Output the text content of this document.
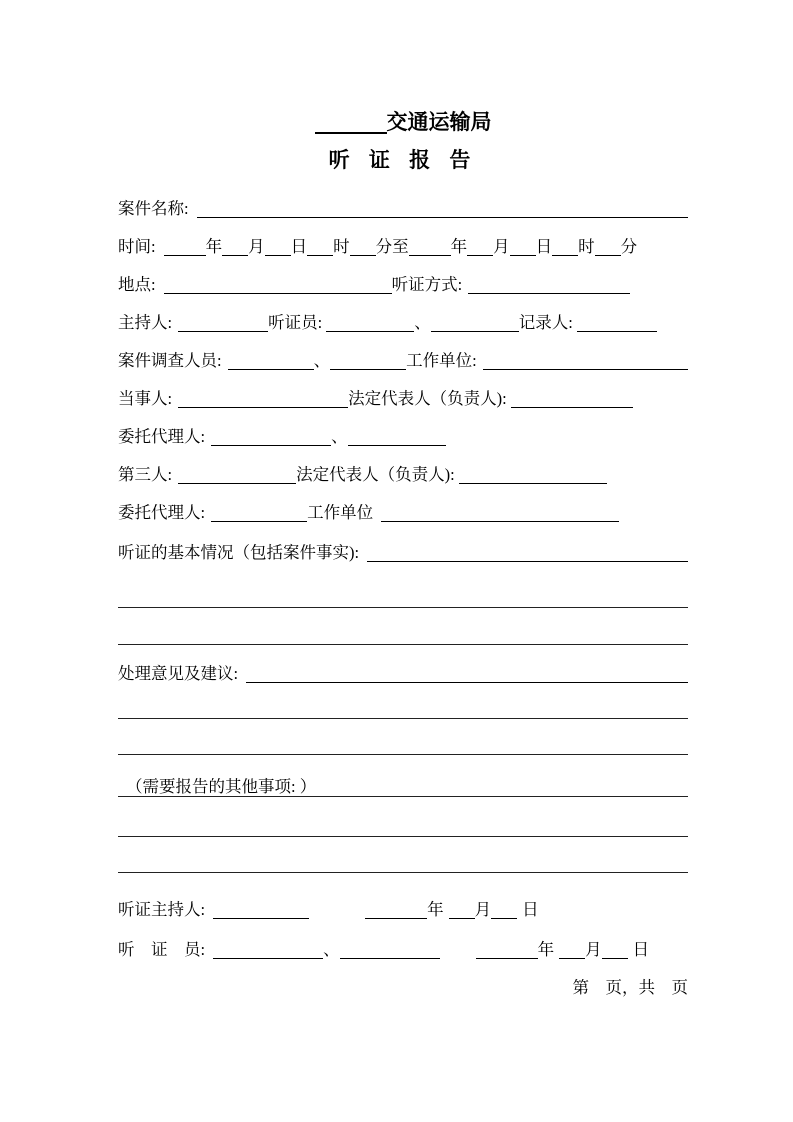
交通运输局
听 证 报 告
案件名称:
时间:	年 月 日 时 分至	年 月 日 时 分
地点:	听证方式:
主持人:	听证员:	、	记录人:
案件调查人员:	、	工作单位:
当事人:	法定代表人（负责人):
委托代理人:	、
第三人:	法定代表人（负责人):
委托代理人:	工作单位
听证的基本情况（包括案件事实):
处理意见及建议:
（需要报告的其他事项: ）
听证主持人:	年 月 日
听　证　员:	、	年 月 日
第　页，共　页
